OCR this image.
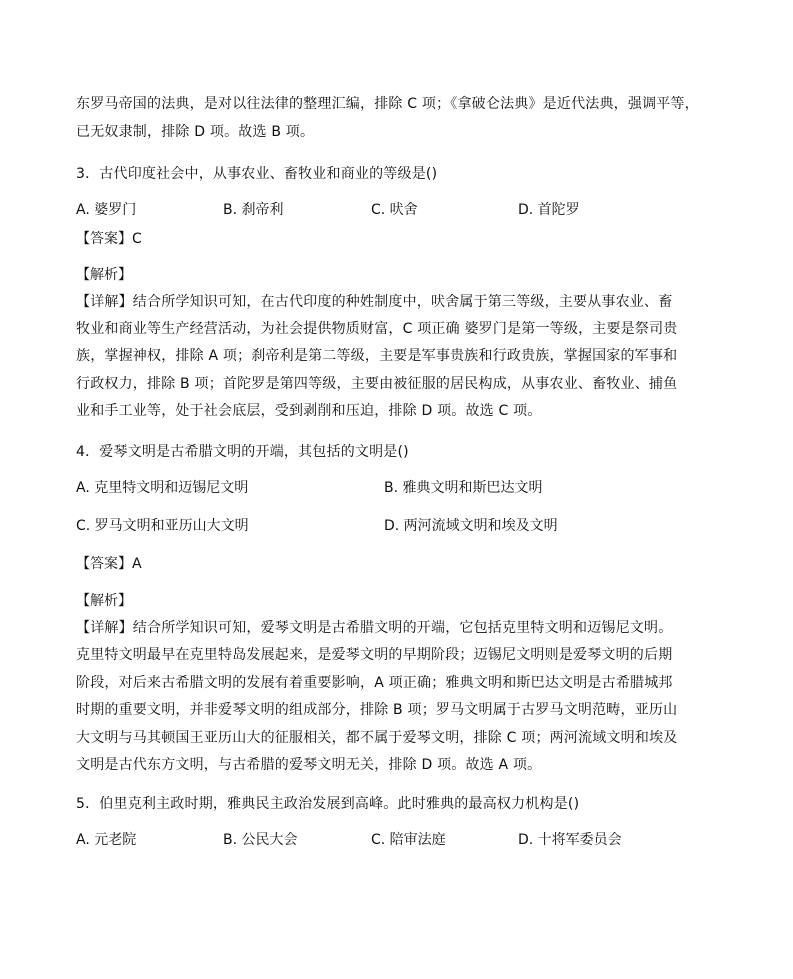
东罗马帝国的法典，是对以往法律的整理汇编，排除 C 项；《拿破仑法典》是近代法典，强调平等，
已无奴隶制，排除 D 项。故选 B 项。
3．古代印度社会中，从事农业、畜牧业和商业的等级是()
A. 婆罗门	B. 刹帝利	C. 吠舍	D. 首陀罗
【答案】C
【解析】
【详解】结合所学知识可知，在古代印度的种姓制度中，吠舍属于第三等级，主要从事农业、畜
牧业和商业等生产经营活动，为社会提供物质财富，C 项正确 婆罗门是第一等级，主要是祭司贵
族，掌握神权，排除 A 项；刹帝利是第二等级，主要是军事贵族和行政贵族，掌握国家的军事和
行政权力，排除 B 项；首陀罗是第四等级，主要由被征服的居民构成，从事农业、畜牧业、捕鱼
业和手工业等，处于社会底层，受到剥削和压迫，排除 D 项。故选 C 项。
4．爱琴文明是古希腊文明的开端，其包括的文明是()
A. 克里特文明和迈锡尼文明	B. 雅典文明和斯巴达文明
C. 罗马文明和亚历山大文明	D. 两河流域文明和埃及文明
【答案】A
【解析】
【详解】结合所学知识可知，爱琴文明是古希腊文明的开端，它包括克里特文明和迈锡尼文明。
克里特文明最早在克里特岛发展起来，是爱琴文明的早期阶段；迈锡尼文明则是爱琴文明的后期
阶段，对后来古希腊文明的发展有着重要影响，A 项正确；雅典文明和斯巴达文明是古希腊城邦
时期的重要文明，并非爱琴文明的组成部分，排除 B 项；罗马文明属于古罗马文明范畴，亚历山
大文明与马其顿国王亚历山大的征服相关，都不属于爱琴文明，排除 C 项；两河流域文明和埃及
文明是古代东方文明，与古希腊的爱琴文明无关，排除 D 项。故选 A 项。
5．伯里克利主政时期，雅典民主政治发展到高峰。此时雅典的最高权力机构是()
A. 元老院	B. 公民大会	C. 陪审法庭	D. 十将军委员会
